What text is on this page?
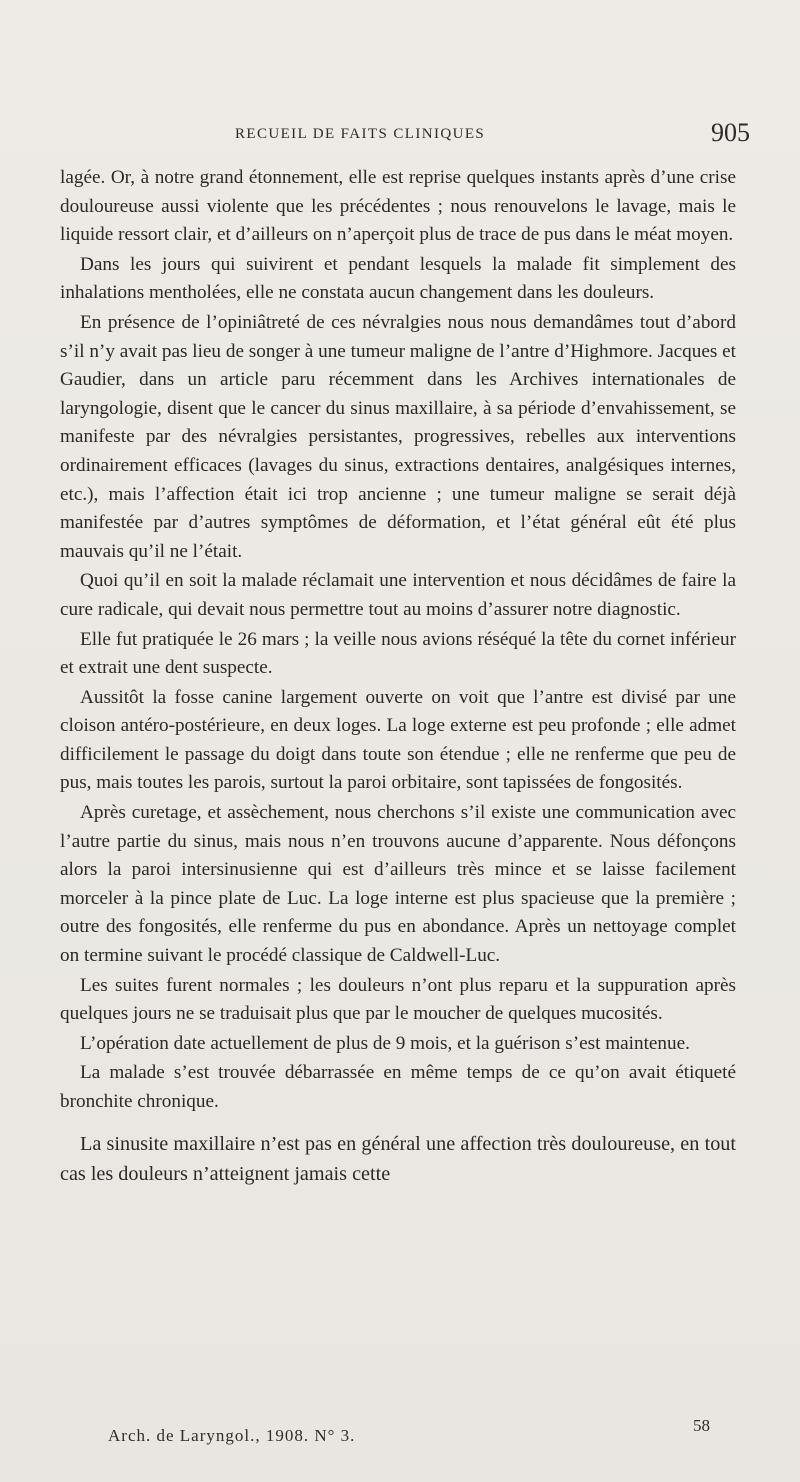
RECUEIL DE FAITS CLINIQUES	905

lagée. Or, à notre grand étonnement, elle est reprise quelques instants après d’une crise douloureuse aussi violente que les précédentes ; nous renouvelons le lavage, mais le liquide ressort clair, et d’ailleurs on n’aperçoit plus de trace de pus dans le méat moyen.

Dans les jours qui suivirent et pendant lesquels la malade fit simplement des inhalations mentholées, elle ne constata aucun changement dans les douleurs.

En présence de l’opiniâtreté de ces névralgies nous nous demandâmes tout d’abord s’il n’y avait pas lieu de songer à une tumeur maligne de l’antre d’Highmore. Jacques et Gaudier, dans un article paru récemment dans les Archives internationales de laryngologie, disent que le cancer du sinus maxillaire, à sa période d’envahissement, se manifeste par des névralgies persistantes, progressives, rebelles aux interventions ordinairement efficaces (lavages du sinus, extractions dentaires, analgésiques internes, etc.), mais l’affection était ici trop ancienne ; une tumeur maligne se serait déjà manifestée par d’autres symptômes de déformation, et l’état général eût été plus mauvais qu’il ne l’était.

Quoi qu’il en soit la malade réclamait une intervention et nous décidâmes de faire la cure radicale, qui devait nous permettre tout au moins d’assurer notre diagnostic.

Elle fut pratiquée le 26 mars ; la veille nous avions réséqué la tête du cornet inférieur et extrait une dent suspecte.

Aussitôt la fosse canine largement ouverte on voit que l’antre est divisé par une cloison antéro-postérieure, en deux loges. La loge externe est peu profonde ; elle admet difficilement le passage du doigt dans toute son étendue ; elle ne renferme que peu de pus, mais toutes les parois, surtout la paroi orbitaire, sont tapissées de fongosités.

Après curetage, et assèchement, nous cherchons s’il existe une communication avec l’autre partie du sinus, mais nous n’en trouvons aucune d’apparente. Nous défonçons alors la paroi intersinusienne qui est d’ailleurs très mince et se laisse facilement morceler à la pince plate de Luc. La loge interne est plus spacieuse que la première ; outre des fongosités, elle renferme du pus en abondance. Après un nettoyage complet on termine suivant le procédé classique de Caldwell-Luc.

Les suites furent normales ; les douleurs n’ont plus reparu et la suppuration après quelques jours ne se traduisait plus que par le moucher de quelques mucosités.

L’opération date actuellement de plus de 9 mois, et la guérison s’est maintenue.

La malade s’est trouvée débarrassée en même temps de ce qu’on avait étiqueté bronchite chronique.

La sinusite maxillaire n’est pas en général une affection très douloureuse, en tout cas les douleurs n’atteignent jamais cette

Arch. de Laryngol., 1908. N° 3.
58
